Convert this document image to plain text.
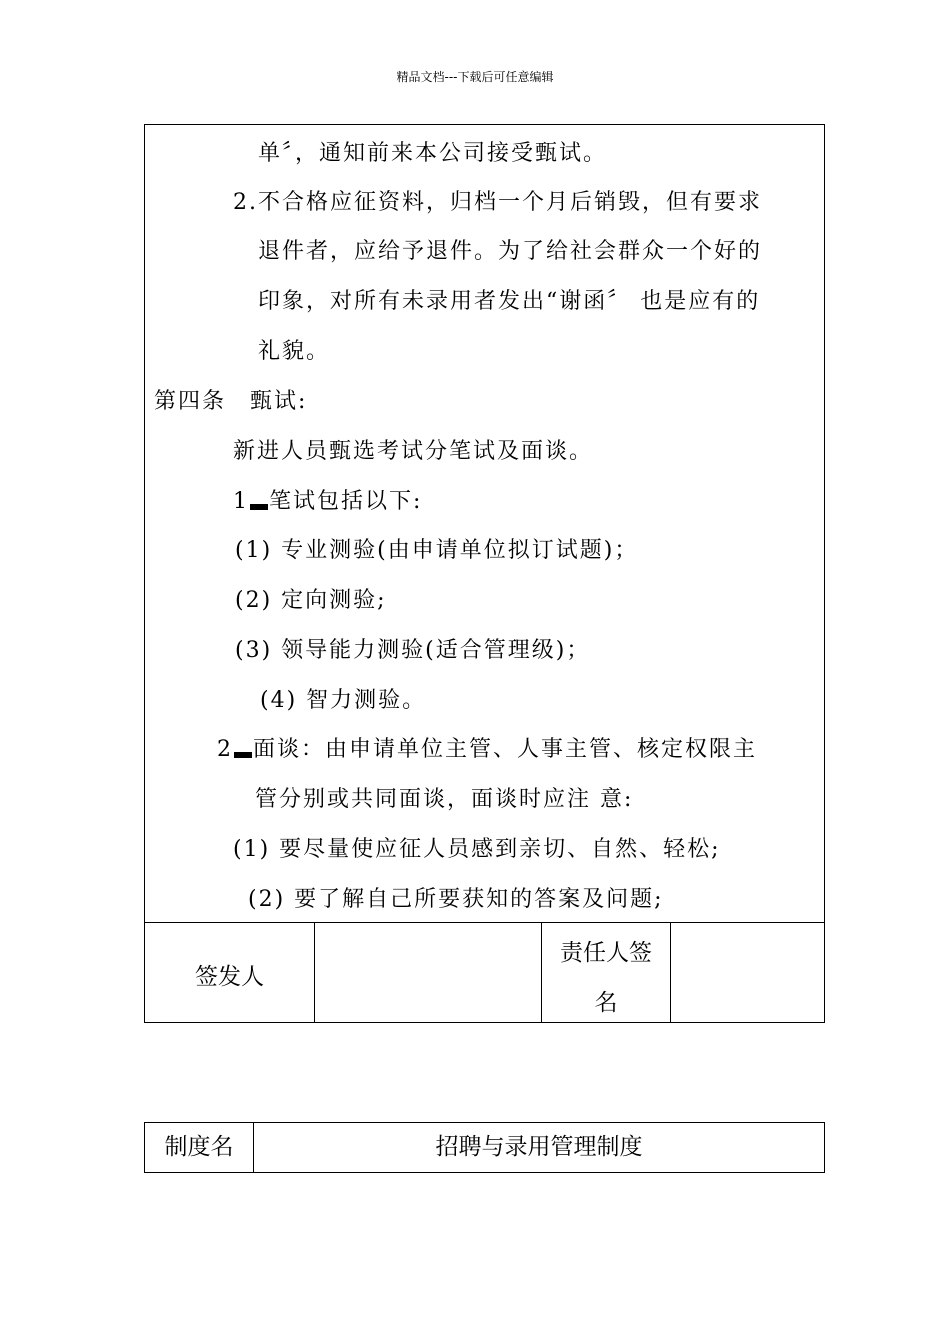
精品文档---下载后可任意编辑
单〞，通知前来本公司接受甄试。
2.不合格应征资料，归档一个月后销毁，但有要求
退件者，应给予退件。为了给社会群众一个好的
印象，对所有未录用者发出“谢函〞 也是应有的
礼貌。
第四条　甄试:
新进人员甄选考试分笔试及面谈。
1 笔试包括以下:
(1) 专业测验(由申请单位拟订试题)；
(2) 定向测验;
(3) 领导能力测验(适合管理级)；
(4) 智力测验。
2 面谈：由申请单位主管、人事主管、核定权限主
管分别或共同面谈，面谈时应注 意:
(1) 要尽量使应征人员感到亲切、自然、轻松;
(2) 要了解自己所要获知的答案及问题;
签发人
责任人签
名
制度名	招聘与录用管理制度
